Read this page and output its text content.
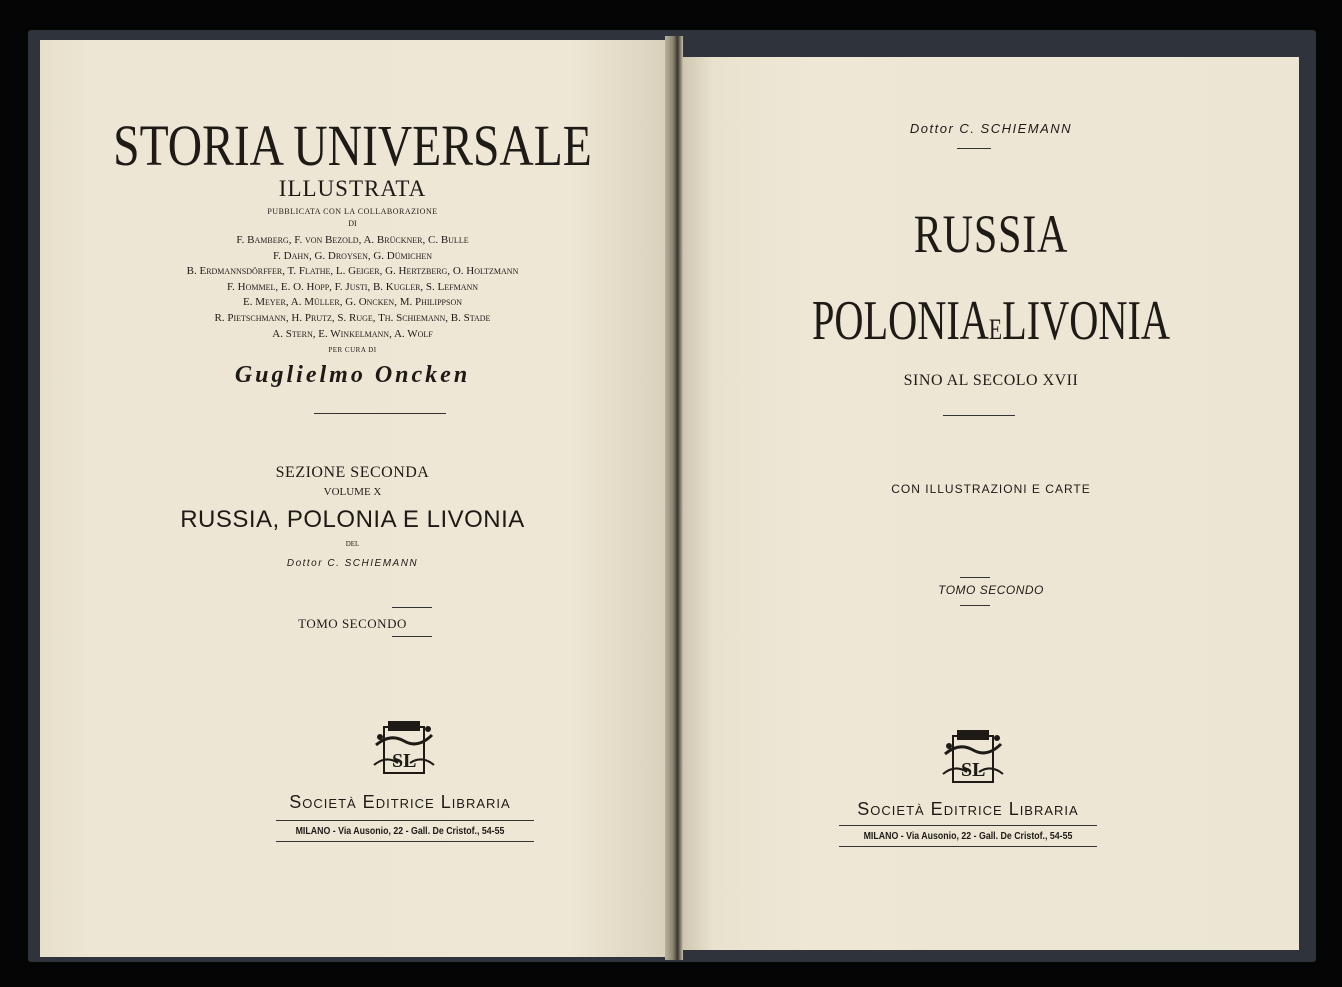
STORIA UNIVERSALE
ILLUSTRATA
PUBBLICATA CON LA COLLABORAZIONE
DI
F. Bamberg, F. von Bezold, A. Brückner, C. Bulle
F. Dahn, G. Droysen, G. Dümichen
B. Erdmannsdörffer, T. Flathe, L. Geiger, G. Hertzberg, O. Holtzmann
F. Hommel, E. O. Hopp, F. Justi, B. Kugler, S. Lefmann
E. Meyer, A. Müller, G. Oncken, M. Philippson
R. Pietschmann, H. Prutz, S. Ruge, Th. Schiemann, B. Stade
A. Stern, E. Winkelmann, A. Wolf
PER CURA DI
Guglielmo Oncken
SEZIONE SECONDA
VOLUME X
RUSSIA, POLONIA E LIVONIA
DEL
Dottor C. SCHIEMANN
TOMO SECONDO
SL
Società Editrice Libraria
MILANO - Via Ausonio, 22 - Gall. De Cristof., 54-55
Dottor C. SCHIEMANN
RUSSIA
POLONIAELIVONIA
SINO AL SECOLO XVII
CON ILLUSTRAZIONI E CARTE
TOMO SECONDO
SL
Società Editrice Libraria
MILANO - Via Ausonio, 22 - Gall. De Cristof., 54-55
